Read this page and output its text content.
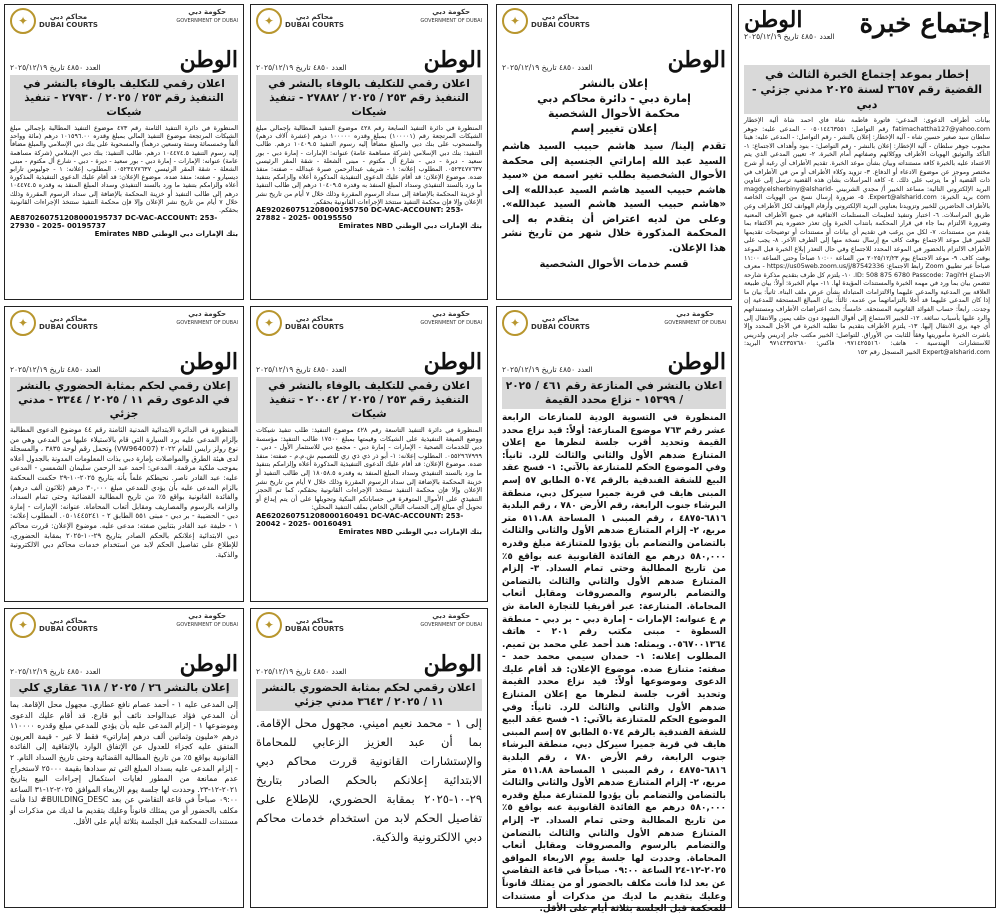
الوطن
العدد ٤٨٥٠ تاريخ ٢٠٢٥/١٢/١٩ إجتماع خبرة
إخطار بموعد إجتماع الخبرة الثالث في القضية رقم ٣٦٥٧ لسنة ٢٠٢٥ مدني جزئي - دبي
بيانات أطراف الدعوى: المدعي: فاتورة فاطمة شاة فاي احمد شاة ألية الإخطار fatimachattha127@yahoo.com رقم التواصل: ٠٥٠١٤٤٦٣٥٥١ - المدعى عليه: جوهر سلطان سيد صغير حسين شاه - آلية الإخطار: إعلان بالنشر - رقم التواصل: - المدعى عليه: هينا محبوب جوهر سلطان - آلية الإخطار: إعلان بالنشر - رقم التواصل: - بنود وأهداف الاجتماع: ١- التأكد والتوثيق الهويات الأطراف ووكلائهم وصفاتهم أمام الخبرة. ٢- تعيين المدعي الذي يتم الاعتماد عليه بالخبرة كافة مستنداته وبيان بشأن موعد الخبرة. تقديم الأطراف أي رغبة أو شرح مختصر وموجز عن موضوع الادعاء أو الدفاع. ٣- تزويد وكلاء الأطراف أو من في الأطراف في ذات القضية أو ما يترتب على ذلك. ٤- كافة المراسلات بشأن هذه القضية ترسل إلى عناوين البريد الإلكتروني التالية: مساعد الخبير أ/ مجدي الشربيني magdy.elsherbiny@alsharid-com بريد الخبرة: Expert@alsharid.com. ٥- ضرورة إرسال نسخ من الهويات الخاصة بالأطراف الحاضرين للخبير وتزويدنا بعناوين البريد الإلكتروني وأرقام الهواتف لكل الأطراف وعن طريق المراسلات. ٦- اختبار وتنفيذ لتعليمات المستلمات الاتفاقية في جميع الأطراف المعنية وضرورة الالتزام بما جاء في قرار المحكمة بانتداب الخبرة وإن تعذر حضوره يتم الاكتفاء بما يقدم من مستندات. ٧- لكل من يرغب في تقديم أي بيانات أو مستندات أو توضيحات تقديمها للخبير قبل موعد الاجتماع بوقت كاف مع إرسال نسخة منها إلى الطرف الآخر. ٨- يجب على الأطراف الالتزام بالحضور في الموعد المحدد للاجتماع وفي حال التعذر إبلاغ الخبرة قبل الموعد بوقت كاف. ٩- موعد الاجتماع يوم ٢٠٢٥/١٢/٢٣ من الساعة ١٠:٠٠ صباحاً وحتى الساعة ١١:٠٠ صباحاً عبر تطبيق Zoom رابط الاجتماع: https://us05web.zoom.us/j/87542336 - معرف الاجتماع ID: 508 875 6780 Passcode: 7agiYH. ١٠- يلتزم كل طرف بتقديم مذكرة شارحة تتضمن بيان بما ورد في مهمة الخبرة والمستندات المؤيدة لها. ١١- مهام الخبرة: أولاً: بيان طبيعة العلاقة بين المدعية والمدعى عليهما والالتزامات المتبادلة بشأن عرض ملف البناء. ثانياً: بيان ما إذا كان المدعى عليهما قد أخلا بالتزاماتهما من عدمه. ثالثاً: بيان المبالغ المستحقة للمدعية إن وجدت. رابعاً: حساب الفوائد القانونية المستحقة. خامساً: بحث اعتراضات الأطراف ومستنداتهم والرد عليها بأسباب سائغة. ١٢- للخبير الاستماع إلى أقوال الشهود دون حلف يمين والانتقال إلى أي جهة يرى الانتقال إليها. ١٣- يلتزم الأطراف بتقديم ما تطلبه الخبرة في الأجل المحدد وإلا باشرت الخبرة مأموريتها وفقاً للثابت من الأوراق. للتواصل: الخبير مكتب جابر إدريس ولدريس للاستشارات الهندسية - هاتف: ٠٩٧١٤٢٥٥١٦٠ فاكس: ٩٧١٤٢٣٥٧٦٨٠ البريد: Expert@alsharid.com الخبير المسجل رقم ١٥٢
✦	محاكم دبي
DUBAI COURTS
العدد ٤٨٥٠ تاريخ ٢٠٢٥/١٢/١٩	الوطن
إعلان بالنشر
إمارة دبي - دائرة محاكم دبي
محكمة الأحوال الشخصية
إعلان تغيير إسم
تقدم إلينا/ سيد هاشم حبيب السيد هاشم السيد عبد الله إماراتي الجنسية إلى محكمة الأحوال الشخصية بطلب تغير اسمه من «سيد هاشم حبيب السيد هاشم السيد عبدالله» إلى «هاشم حبيب السيد هاشم السيد عبدالله». وعلى من لديه اعتراض أن يتقدم به إلى المحكمة المذكورة خلال شهر من تاريخ نشر هذا الإعلان.
قسم خدمات الأحوال الشخصية
✦	محاكم دبي
DUBAI COURTS
حكومة دبي
GOVERNMENT OF DUBAI
العدد ٤٨٥٠ تاريخ ٢٠٢٥/١٢/١٩	الوطن
اعلان رقمي للتكليف بالوفاء بالنشر في التنفيذ رقم ٢٥٣ / ٢٠٢٥ / ٢٧٨٨٢ - تنفيذ شيكات
المنظورة في دائرة التنفيذ السابعة رقم ٤٢٨ موضوع التنفيذ المطالبة بإجمالي مبلغ الشيكات المرتجعة رقم (١٠٠٠٠١) بمبلغ وقدره ١٠٠٠٠٠ درهم (عشرة آلاف درهم) والمسحوب على بنك دبي والمبلغ مضافاً إليه رسوم التنفيذ ١٠٤٠٩.٥ درهم. طالب التنفيذ: بنك دبي الإسلامي (شركة مساهمة عامة) عنوانه: الإمارات - إمارة دبي - بور سعيد - ديرة - دبي - شارع أل مكتوم - مبنى الشعلة - شقة المقر الرئيسي ٠٥٢٣٤٧٧٦٣٧. المطلوب إعلانه: ١ - شريف عبدالرحمن صبرة عبدالله - صفته: منفذ ضده. موضوع الإعلان: قد أقام عليك الدعوى التنفيذية المذكورة أعلاه وإلزامكم بتنفيذ ما ورد بالسند التنفيذي وسداد المبلغ المنفذ به وقدره ١٠٤٠٩.٥ درهم إلى طالب التنفيذ أو خزينة المحكمة بالإضافة إلى سداد الرسوم المقررة وذلك خلال ٧ أيام من تاريخ نشر الإعلان وإلا فإن محكمة التنفيذ ستتخذ الإجراءات القانونية بحقكم.
AE920260751208000195750 DC-VAC-ACCOUNT: 253- 27882 - 2025- 00195550
بنك الإمارات دبي الوطني Emirates NBD
✦	محاكم دبي
DUBAI COURTS
حكومة دبي
GOVERNMENT OF DUBAI
العدد ٤٨٥٠ تاريخ ٢٠٢٥/١٢/١٩	الوطن
اعلان رقمي للتكليف بالوفاء بالنشر في التنفيذ رقم ٢٥٣ / ٢٠٢٥ / ٢٧٩٣٠ - تنفيذ شيكات
المنظورة في دائرة التنفيذ الثامنة رقم ٤٧٣ موضوع التنفيذ المطالبة بإجمالي مبلغ الشيكات المرتجعة موضوع التنفيذ المالي بمبلغ وقدره ١٠١٥٩٦.٠٠ درهم (مائة وواحد ألفاً وخمسمائة وستة وتسعين درهماً) والمسحوبة على بنك دبي الإسلامي والمبلغ مضافاً إليه رسوم التنفيذ ١٠٤٤٧٤.٥ درهم. طالب التنفيذ: بنك دبي الإسلامي (شركة مساهمة عامة) عنوانه: الإمارات - إمارة دبي - بور سعيد - ديرة - دبي - شارع أل مكتوم - مبنى الشعلة - شقة المقر الرئيسي ٠٥٢٣٤٧٧٦٣٧. المطلوب إعلانه: ١ - جوليوس تارابو ديسيارو - صفته: منفذ ضده. موضوع الإعلان: قد أقام عليك الدعوى التنفيذية المذكورة أعلاه وإلزامكم بتنفيذ ما ورد بالسند التنفيذي وسداد المبلغ المنفذ به وقدره ١٠٤٤٧٤.٥ درهم إلى طالب التنفيذ أو خزينة المحكمة بالإضافة إلى سداد الرسوم المقررة وذلك خلال ٧ أيام من تاريخ نشر الإعلان وإلا فإن محكمة التنفيذ ستتخذ الإجراءات القانونية بحقكم.
AE870260751208000195737 DC-VAC-ACCOUNT: 253- 27930 - 2025- 00195737
بنك الإمارات دبي الوطني Emirates NBD
✦	محاكم دبي
DUBAI COURTS
حكومة دبي
GOVERNMENT OF DUBAI
العدد ٤٨٥٠ تاريخ ٢٠٢٥/١٢/١٩	الوطن
اعلان بالنشر في المنازعة رقم ٤٦١ / ٢٠٢٥ / ١٥٣٩٩ - نزاع محدد القيمة
المنظورة في التسوية الودية للمنازعات الرابعة عشر رقم ٧٦٣ موضوع المنازعة: أولاً: قيد نزاع محدد القيمة وتحديد أقرب جلسة لنظرها مع إعلان المتنازع ضدهم الأول والثاني والثالث للرد. ثانياً: وفي الموضوع الحكم للمتنازعة بالآتي: ١- فسخ عقد البيع للشقة الفندقية بالرقم ٥٠٧٤ الطابق ٥٧ إسم المبنى هايف في قرية جميرا سيركل دبي، منطقة البرشاء جنوب الرابعة، رقم الأرض ٧٨٠ ، رقم البلدية ٦٨١٦-٤٨٧٥ ، رقم المبنى ١ المساحة ٥١١.٨٨ متر مربع، ٢- إلزام المتنازع ضدهم الأول والثاني والثالث بالتضامن والتضامم بأن يؤدوا للمتنازعة مبلغ وقدره ٥٨٠,٠٠٠ درهم مع الفائدة القانونية عنه بواقع ٥٪ من تاريخ المطالبة وحتى تمام السداد. ٣- إلزام المتنازع ضدهم الأول والثاني والثالث بالتضامن والتضامم بالرسوم والمصروفات ومقابل أتعاب المحاماة. المتنازعة: عبر أفريقيا للتجارة العامة ش م ع عنوانه: الإمارات - إمارة دبي - بر دبي - منطقة السطوة - مبنى مكتب رقم ٢٠١ - هاتف ٠٥٦٧٠٠١٣٦٤. ويمثله: هند أحمد علي محمد بن تميم. المطلوب إعلانه: ١- حمدان سيمي محمد حمد - صفته: متنازع ضده. موضوع الإعلان: قد أقام عليك الدعوى وموضوعها أولاً: قيد نزاع محدد القيمة وتحديد أقرب جلسة لنظرها مع إعلان المتنازع ضدهم الأول والثاني والثالث للرد. ثانياً: وفي الموضوع الحكم للمتنازعة بالآتي: ١- فسخ عقد البيع للشقة الفندقية بالرقم ٥٠٧٤ الطابق ٥٧ إسم المبنى هايف في قرية جميرا سيركل دبي، منطقة البرشاء جنوب الرابعة، رقم الأرض ٧٨٠ ، رقم البلدية ٦٨١٦-٤٨٧٥ ، رقم المبنى ١ المساحة ٥١١.٨٨ متر مربع، ٢- إلزام المتنازع ضدهم الأول والثاني والثالث بالتضامن والتضامم بأن يؤدوا للمتنازعة مبلغ وقدره ٥٨٠,٠٠٠ درهم مع الفائدة القانونية عنه بواقع ٥٪ من تاريخ المطالبة وحتى تمام السداد. ٣- إلزام المتنازع ضدهم الأول والثاني والثالث بالتضامن والتضامم بالرسوم والمصروفات ومقابل أتعاب المحاماة. وحددت لها جلسة يوم الاربعاء الموافق ٢٠٢٥-١٢-٢٤ الساعة ٠٩:٠٠ صباحاً في قاعة التقاضي عن بعد لذا فأنت مكلف بالحضور أو من يمثلك قانوناً وعليك بتقديم ما لديك من مذكرات أو مستندات للمحكمة قبل الجلسة بثلاثة أيام على الأقل.
✦	محاكم دبي
DUBAI COURTS
حكومة دبي
GOVERNMENT OF DUBAI
العدد ٤٨٥٠ تاريخ ٢٠٢٥/١٢/١٩	الوطن
اعلان رقمي للتكليف بالوفاء بالنشر في التنفيذ رقم ٢٥٣ / ٢٠٢٥ / ٢٠٠٤٢ - تنفيذ شيكات
المنظورة في دائرة التنفيذ التاسعة رقم ٤٢٨ موضوع التنفيذ: طلب تنفيذ شيكات ووضع الصيغة التنفيذية على الشيكات وقيمتها بمبلغ ١٧٥٠٠ طالب التنفيذ: مؤسسة دبي للخدمات الصحية - الإمارات - إمارة دبي - مجمع دبي للاستثمار الأول - دبي - ٠٥٥٢٩٦٧٩٩٩. المطلوب إعلانه: ١- أبو ذر ذي ذي زي للتصميم ش.م.م - صفته: منفذ ضده. موضوع الإعلان: قد أقام عليك الدعوى التنفيذية المذكورة أعلاه وإلزامكم بتنفيذ ما ورد بالسند التنفيذي وسداد المبلغ المنفذ به وقدره ١٨٠٥٨.٥ إلى طالب التنفيذ أو خزينة المحكمة بالإضافة إلى سداد الرسوم المقررة وذلك خلال ٧ أيام من تاريخ نشر الإعلان وإلا فإن محكمة التنفيذ ستتخذ الإجراءات القانونية بحقكم، كما تم الحجز التنفيذي على الأموال المتوفرة في حساباتكم البنكية وتحويلها على أن يتم إيداع أو تحويل أي مبالغ إلى الحساب التالي الخاص بملف التنفيذ المحلي:
AE620260751208000160491 DC-VAC-ACCOUNT: 253- 20042 - 2025- 00160491
بنك الإمارات دبي الوطني Emirates NBD
✦	محاكم دبي
DUBAI COURTS
حكومة دبي
GOVERNMENT OF DUBAI
العدد ٤٨٥٠ تاريخ ٢٠٢٥/١٢/١٩	الوطن
إعلان رقمي لحكم بمثابة الحضوري بالنشر في الدعوى رقم ١١ / ٢٠٢٥ / ٣٣٤٤ - مدني جزئي
المنظورة في الدائرة الابتدائية المدنية الثامنة رقم ٤٤ موضوع الدعوى المطالبة بإلزام المدعى عليه برد السيارة التي قام بالاستيلاء عليها من المدعي وهي من نوع رولز رايس للعام ٢٠٢٢ (VW964007) وتحمل رقم لوحة ٣٨٣٥ ، والمسجلة لدى هيئة الطرق والمواصلات بإمارة دبي بذات المعلومات المدونة بالجدول أعلاه بموجب ملكية مرقمة. المدعي: أحمد عبد الرحمن سليمان الشمسي - المدعى عليه: عبد القادر ناصر. نحيطكم علماً بأنه بتاريخ ٢٠٢٥-١٠-٢٩ حكمت المحكمة بالزام المدعى عليه بأن يؤدي للمدعي مبلغ ٣٠,٠٠٠ درهم (ثلاثون ألف درهم) والفائدة القانونية بواقع ٥٪ من تاريخ المطالبة القضائية وحتى تمام السداد، والزامه بالرسوم والمصاريف ومقابل أتعاب المحاماة. عنوانه: الإمارات - إمارة دبي - الحضيبة - بر دبي - مبنى ٥٥١ الطابق ٢ - ٠٥٠١٤٤٥٢٤١. المطلوب إعلانه: ١ - خليفة عبد القادر بتنايين صفته: مدعى عليه. موضوع الإعلان: قررت محاكم دبي الابتدائية إعلانكم بالحكم الصادر بتاريخ ٢٩-١٠-٢٠٢٥ بمقابة الحضوري، للإطلاع على تفاصيل الحكم لابد من استخدام خدمات محاكم دبي الالكترونية والذكية.
✦	محاكم دبي
DUBAI COURTS
حكومة دبي
GOVERNMENT OF DUBAI
العدد ٤٨٥٠ تاريخ ٢٠٢٥/١٢/١٩	الوطن
اعلان رقمي لحكم بمثابة الحضوري بالنشر ١١ / ٢٠٢٥ / ٣٦٤٣ مدني جزئي
إلى ١ - محمد نعيم اميني. مجهول محل الإقامة. بما أن عبد العزيز الزعابي للمحاماة والإستشارات القانونية قررت محاكم دبي الابتدائية إعلانكم بالحكم الصادر بتاريخ ٢٩-١٠-٢٠٢٥ بمقابة الحضوري، للإطلاع على تفاصيل الحكم لابد من استخدام خدمات محاكم دبي الالكترونية والذكية.
✦	محاكم دبي
DUBAI COURTS
حكومة دبي
GOVERNMENT OF DUBAI
العدد ٤٨٥٠ تاريخ ٢٠٢٥/١٢/١٩	الوطن
إعلان بالنشر ٢٦ / ٢٠٢٥ / ٦١٨ عقاري كلي
إلى المدعى عليه ١ - أحمد عصام نافع عطاري. مجهول محل الإقامة. بما أن المدعي فؤاد عبدالواحد نائف أبو قارع. قد أقام عليك الدعوى وموضوعها ١ - إلزام المدعى عليه بأن يؤدي للمدعي مبلغ وقدره ١١٠٠٠٠ درهم «مليون وثمانين ألف درهم إماراتي» فقط لا غير - قيمة العربون المتفق عليه كجزاء للعدول عن الإتفاق الوارد بالإتفاقية إلى الفائدة القانونية بواقع ٥٪ من تاريخ المطالبة القضائية وحتى تاريخ السداد التام. ٢ - إلزام المدعى عليه بسداد المبلغ التي تم سدادها بقيمة ٢٥٠٠٠ لاستخراج عدم ممانعة من المطور لغايات استكمال إجراءات البيع بتاريخ ٢٠٢١-١٢-٢٣. وحددت لها جلسة يوم الاربعاء الموافق ٢٠٢٥-١٢-٣١ الساعة ٠٩:٠٠ صباحاً في قاعة التقاضي عن بعد BUILDING_DESC# لذا فأنت مكلف بالحضور أو من يمثلك قانوناً وعليك بتقديم ما لديك من مذكرات أو مستندات للمحكمة قبل الجلسة بثلاثة أيام على الأقل.
